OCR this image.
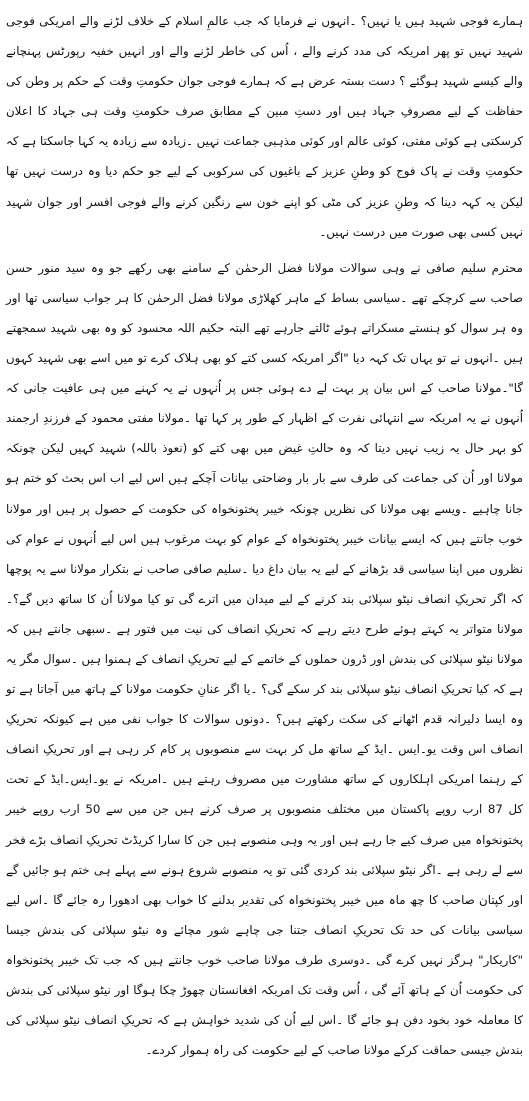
ہمارے فوجی شہید ہیں یا نہیں؟ ۔انہوں نے فرمایا کہ جب عالمِ اسلام کے خلاف لڑنے والے امریکی فوجی شہید نہیں تو پھر امریکہ کی مدد کرنے والے ، اُس کی خاطر لڑنے والے اور انہیں خفیہ رپورٹس پہنچانے والے کیسے شہید ہوگئے ؟ دست بستہ عرض ہے کہ ہمارے فوجی جوان حکومتِ وقت کے حکم پر وطن کی حفاظت کے لیے مصروفِ جہاد ہیں اور دستِ مبین کے مطابق صرف حکومتِ وقت ہی جہاد کا اعلان کرسکتی ہے کوئی مفتی، کوئی عالم اور کوئی مذہبی جماعت نہیں ۔زیادہ سے زیادہ یہ کہا جاسکتا ہے کہ حکومتِ وقت نے پاک فوج کو وطنِ عزیز کے باغیوں کی سرکوبی کے لیے جو حکم دیا وہ درست نہیں تھا لیکن یہ کہہ دینا کہ وطنِ عزیز کی مٹی کو اپنے خون سے رنگین کرنے والے فوجی افسر اور جوان شہید نہیں کسی بھی صورت میں درست نہیں۔

محترم سلیم صافی نے وہی سوالات مولانا فضل الرحمٰن کے سامنے بھی رکھے جو وہ سید منور حسن صاحب سے کرچکے تھے ۔سیاسی بساط کے ماہر کھلاڑی مولانا فضل الرحمٰن کا ہر جواب سیاسی تھا اور وہ ہر سوال کو ہنستے مسکراتے ہوئے ٹالتے جارہے تھے البتہ حکیم اللہ محسود کو وہ بھی شہید سمجھتے ہیں ۔انہوں نے تو یہاں تک کہہ دیا "اگر امریکہ کسی کتے کو بھی ہلاک کرے تو میں اسے بھی شہید کہوں گا"۔مولانا صاحب کے اس بیان پر بہت لے دے ہوئی جس پر اُنہوں نے یہ کہنے میں ہی عافیت جانی کہ اُنہوں نے یہ امریکہ سے انتہائی نفرت کے اظہار کے طور پر کہا تھا ۔مولانا مفتی محمود کے فرزندِ ارجمند کو بہر حال یہ زیب نہیں دیتا کہ وہ حالتِ غیض میں بھی کتے کو (نعوذ باللہ) شہید کہیں لیکن چونکہ مولانا اور اُن کی جماعت کی طرف سے بار بار وضاحتی بیانات آچکے ہیں اس لیے اب اس بحث کو ختم ہو جانا چاہیے ۔ویسے بھی مولانا کی نظریں چونکہ خیبر پختونخواہ کی حکومت کے حصول پر ہیں اور مولانا خوب جانتے ہیں کہ ایسے بیانات خیبر پختونخواہ کے عوام کو بہت مرغوب ہیں اس لیے اُنہوں نے عوام کی نظروں میں اپنا سیاسی قد بڑھانے کے لیے یہ بیان داغ دیا ۔سلیم صافی صاحب نے بتکرار مولانا سے یہ پوچھا کہ اگر تحریکِ انصاف نیٹو سپلائی بند کرنے کے لیے میدان میں اترے گی تو کیا مولانا اُن کا ساتھ دیں گے؟۔ مولانا متواتر یہ کہتے ہوئے طرح دیتے رہے کہ تحریکِ انصاف کی نیت میں فتور ہے ۔سبھی جانتے ہیں کہ مولانا نیٹو سپلائی کی بندش اور ڈرون حملوں کے خاتمے کے لیے تحریکِ انصاف کے ہمنوا ہیں ۔سوال مگر یہ ہے کہ کیا تحریکِ انصاف نیٹو سپلائی بند کر سکے گی؟ ۔یا اگر عنانِ حکومت مولانا کے ہاتھ میں آجاتا ہے تو وہ ایسا دلیرانہ قدم اٹھانے کی سکت رکھتے ہیں؟ ۔دونوں سوالات کا جواب نفی میں ہے کیونکہ تحریکِ انصاف اس وقت یو۔ایس ۔ایڈ کے ساتھ مل کر بہت سے منصوبوں پر کام کر رہی ہے اور تحریکِ انصاف کے رہنما امریکی اہلکاروں کے ساتھ مشاورت میں مصروف رہتے ہیں ۔امریکہ نے یو۔ایس۔ایڈ کے تحت کل 87 ارب روپے پاکستان میں مختلف منصوبوں پر صرف کرنے ہیں جن میں سے 50 ارب روپے خیبر پختونخواہ میں صرف کیے جا رہے ہیں اور یہ وہی منصوبے ہیں جن کا سارا کریڈٹ تحریکِ انصاف بڑے فخر سے لے رہی ہے ۔اگر نیٹو سپلائی بند کردی گئی تو یہ منصوبے شروع ہونے سے پہلے ہی ختم ہو جائیں گے اور کپتان صاحب کا چھ ماہ میں خیبر پختونخواہ کی تقدیر بدلنے کا خواب بھی ادھورا رہ جائے گا ۔اس لیے سیاسی بیانات کی حد تک تحریکِ انصاف جتنا جی چاہے شور مچائے وہ نیٹو سپلائی کی بندش جیسا "کاریکار" ہرگز نہیں کرے گی ۔دوسری طرف مولانا صاحب خوب جانتے ہیں کہ جب تک خیبر پختونخواہ کی حکومت اُن کے ہاتھ آئے گی ، اُس وقت تک امریکہ افغانستان چھوڑ چکا ہوگا اور نیٹو سپلائی کی بندش کا معاملہ خود بخود دفن ہو جائے گا ۔اس لیے اُن کی شدید خواہش ہے کہ تحریکِ انصاف نیٹو سپلائی کی بندش جیسی حماقت کرکے مولانا صاحب کے لیے حکومت کی راہ ہموار کردے۔
